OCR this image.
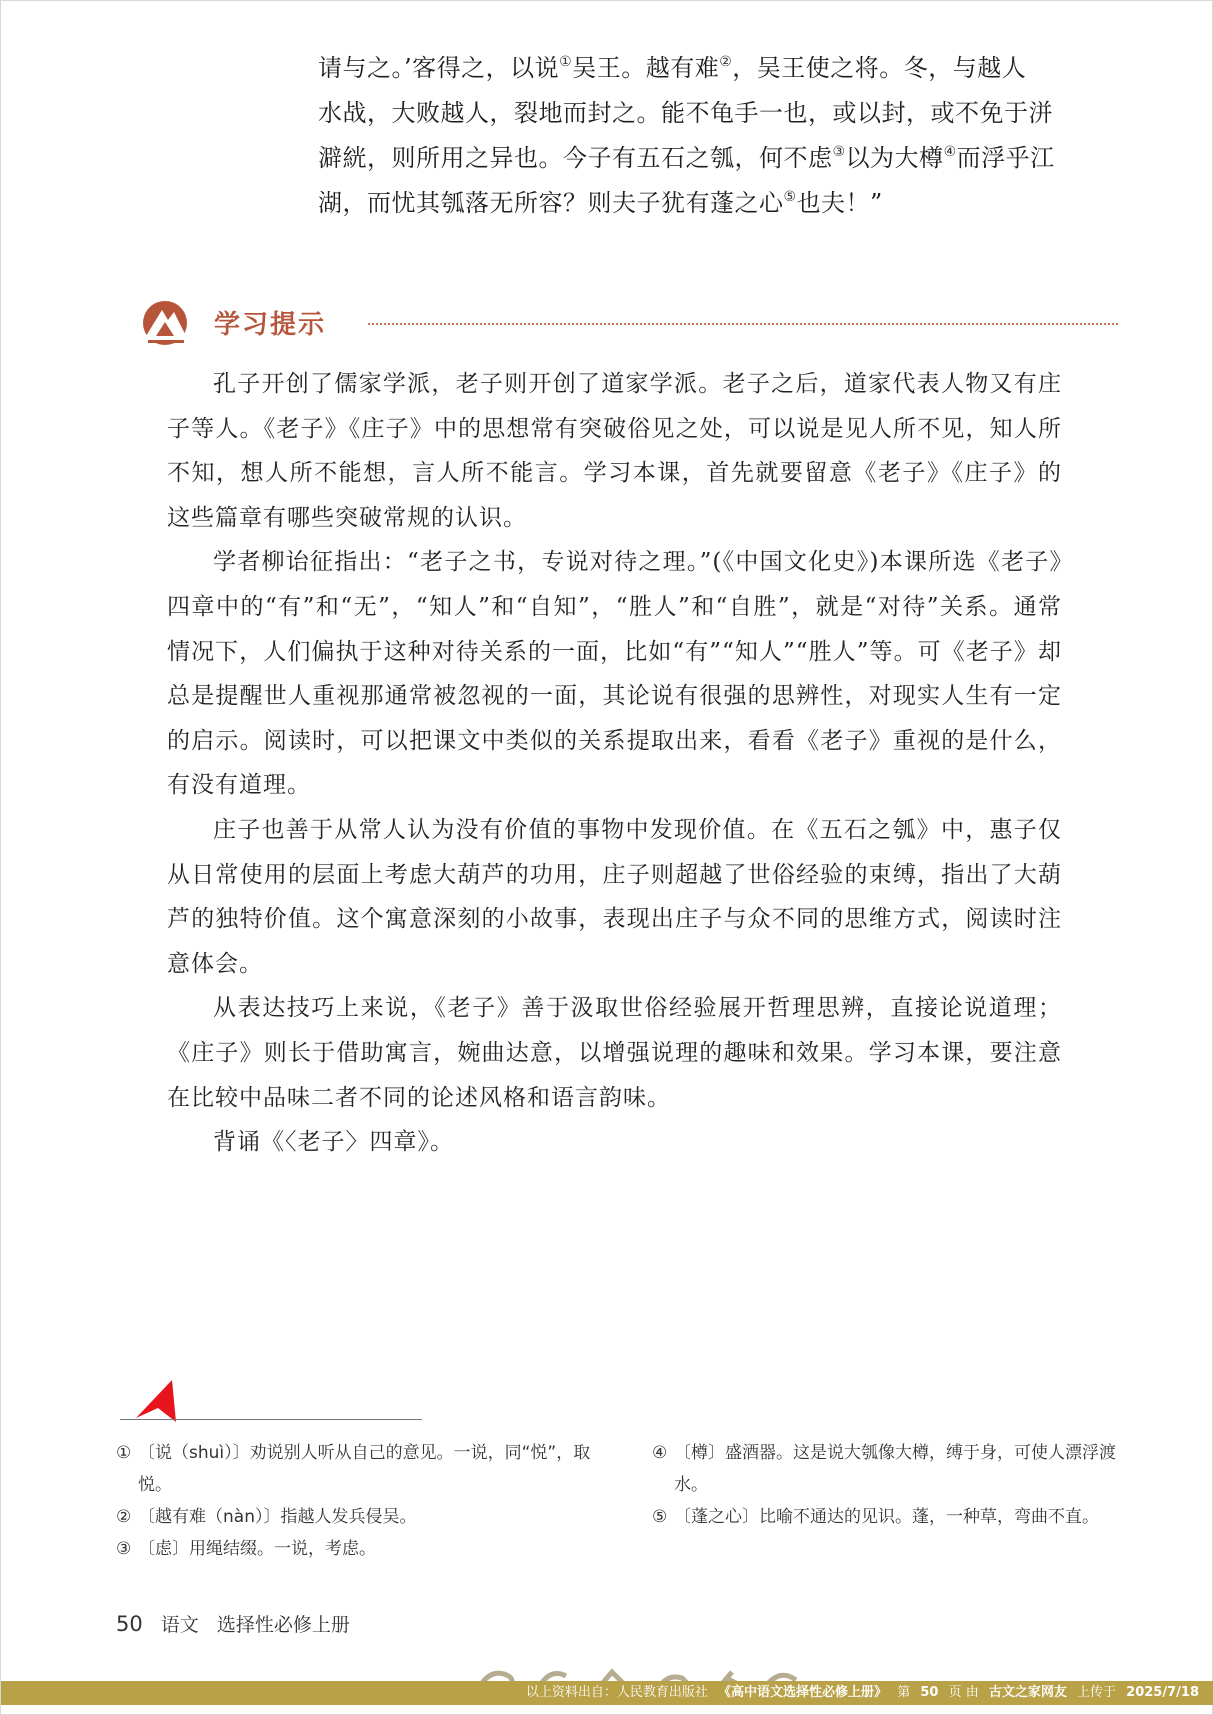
请与之。’客得之，以说①吴王。越有难②，吴王使之将。冬，与越人

水战，大败越人，裂地而封之。能不龟手一也，或以封，或不免于洴

澼絖，则所用之异也。今子有五石之瓠，何不虑③以为大樽④而浮乎江

湖，而忧其瓠落无所容？则夫子犹有蓬之心⑤也夫！”

学习提示

孔子开创了儒家学派，老子则开创了道家学派。老子之后，道家代表人物又有庄子等人。《老子》《庄子》中的思想常有突破俗见之处，可以说是见人所不见，知人所不知，想人所不能想，言人所不能言。学习本课，首先就要留意《老子》《庄子》的这些篇章有哪些突破常规的认识。

学者柳诒征指出：“老子之书，专说对待之理。”(《中国文化史》)本课所选《老子》四章中的“有”和“无”，“知人”和“自知”，“胜人”和“自胜”，就是“对待”关系。通常情况下，人们偏执于这种对待关系的一面，比如“有”“知人”“胜人”等。可《老子》却总是提醒世人重视那通常被忽视的一面，其论说有很强的思辨性，对现实人生有一定的启示。阅读时，可以把课文中类似的关系提取出来，看看《老子》重视的是什么，有没有道理。

庄子也善于从常人认为没有价值的事物中发现价值。在《五石之瓠》中，惠子仅从日常使用的层面上考虑大葫芦的功用，庄子则超越了世俗经验的束缚，指出了大葫芦的独特价值。这个寓意深刻的小故事，表现出庄子与众不同的思维方式，阅读时注意体会。

从表达技巧上来说，《老子》善于汲取世俗经验展开哲理思辨，直接论说道理；《庄子》则长于借助寓言，婉曲达意，以增强说理的趣味和效果。学习本课，要注意在比较中品味二者不同的论述风格和语言韵味。

背诵《〈老子〉四章》。

① 〔说（shuì）〕劝说别人听从自己的意见。一说，同“悦”，取悦。
② 〔越有难（nàn）〕指越人发兵侵吴。
③ 〔虑〕用绳结缀。一说，考虑。
④ 〔樽〕盛酒器。这是说大瓠像大樽，缚于身，可使人漂浮渡水。
⑤ 〔蓬之心〕比喻不通达的见识。蓬，一种草，弯曲不直。
50 语文 选择性必修上册
以上资料出自：人民教育出版社 《高中语文选择性必修上册》 第 50 页 由 古文之家网友 上传于 2025/7/18
